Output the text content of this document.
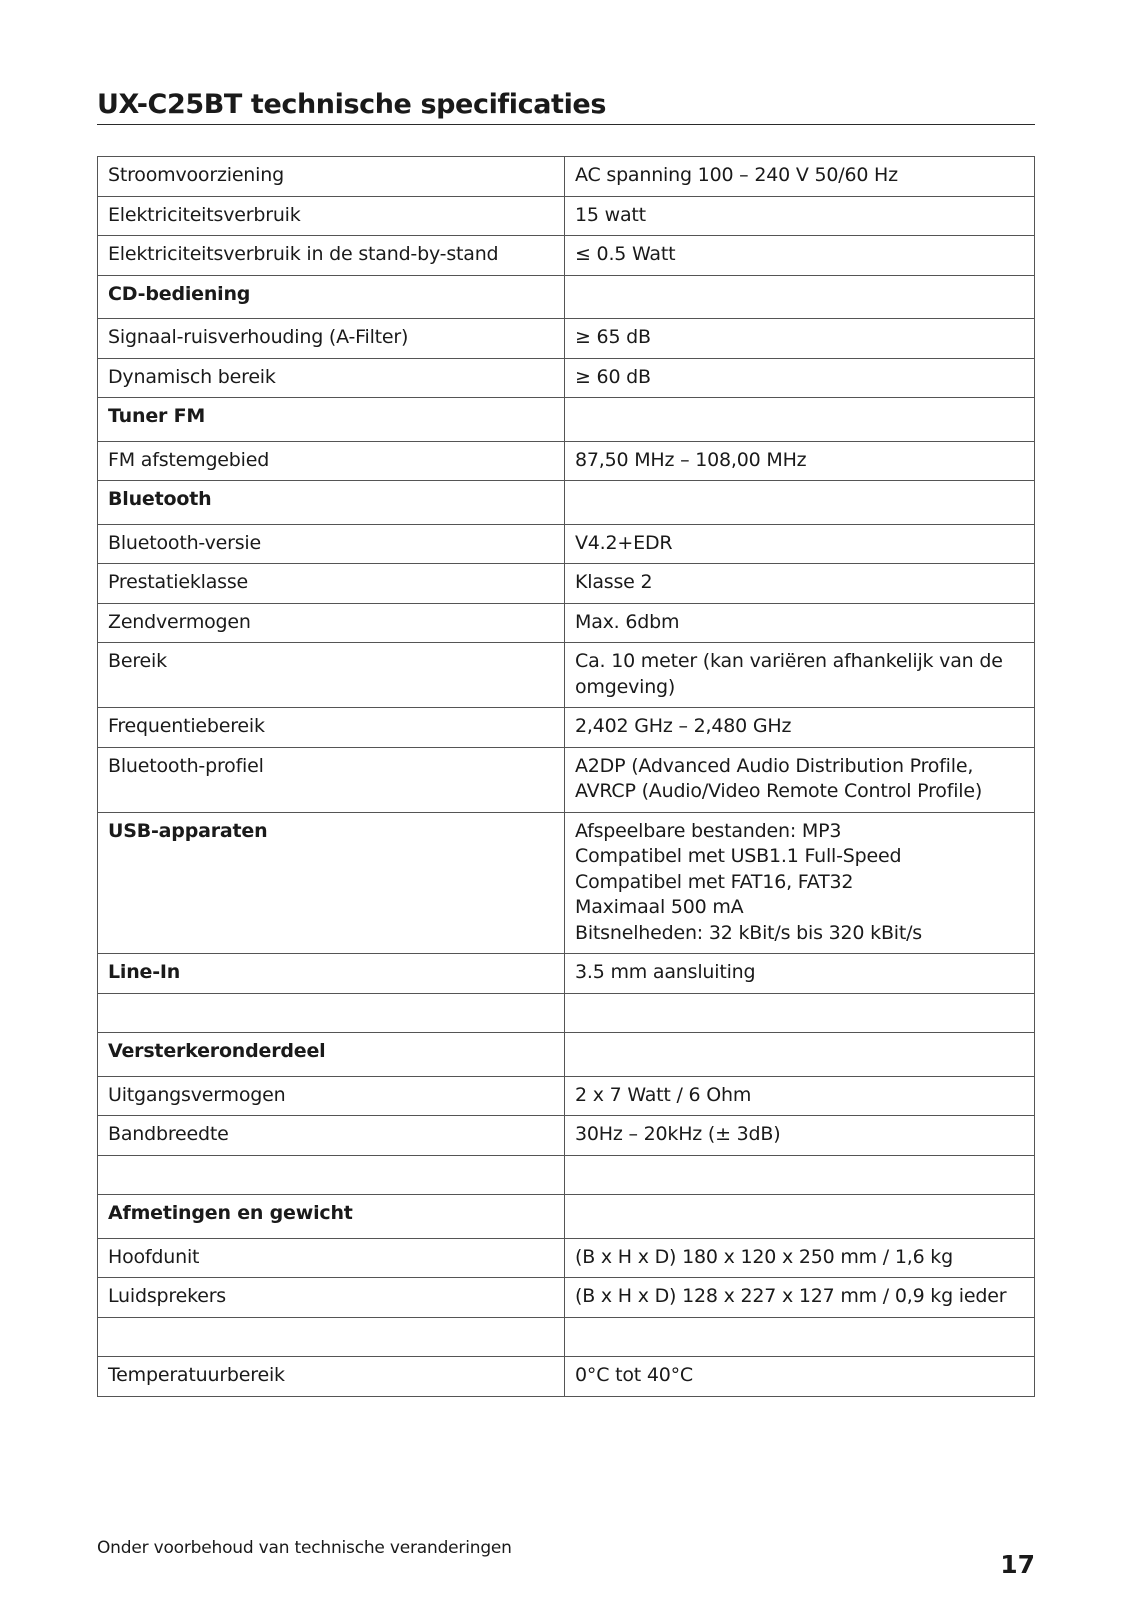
UX-C25BT technische specificaties
Stroomvoorziening	AC spanning 100 – 240 V 50/60 Hz
Elektriciteitsverbruik	15 watt
Elektriciteitsverbruik in de stand-by-stand	≤ 0.5 Watt
CD-bediening	
Signaal-ruisverhouding (A-Filter)	≥ 65 dB
Dynamisch bereik	≥ 60 dB
Tuner FM	
FM afstemgebied	87,50 MHz – 108,00 MHz
Bluetooth	
Bluetooth-versie	V4.2+EDR
Prestatieklasse	Klasse 2
Zendvermogen	Max. 6dbm
Bereik	Ca. 10 meter (kan variëren afhankelijk van de
omgeving)
Frequentiebereik	2,402 GHz – 2,480 GHz
Bluetooth-profiel	A2DP (Advanced Audio Distribution Profile,
AVRCP (Audio/Video Remote Control Profile)
USB-apparaten	Afspeelbare bestanden: MP3
Compatibel met USB1.1 Full-Speed
Compatibel met FAT16, FAT32
Maximaal 500 mA
Bitsnelheden: 32 kBit/s bis 320 kBit/s
Line-In	3.5 mm aansluiting

Versterkeronderdeel	
Uitgangsvermogen	2 x 7 Watt / 6 Ohm
Bandbreedte	30Hz – 20kHz (± 3dB)

Afmetingen en gewicht	
Hoofdunit	(B x H x D) 180 x 120 x 250 mm / 1,6 kg
Luidsprekers	(B x H x D) 128 x 227 x 127 mm / 0,9 kg ieder

Temperatuurbereik	0°C tot 40°C
Onder voorbehoud van technische veranderingen
17
